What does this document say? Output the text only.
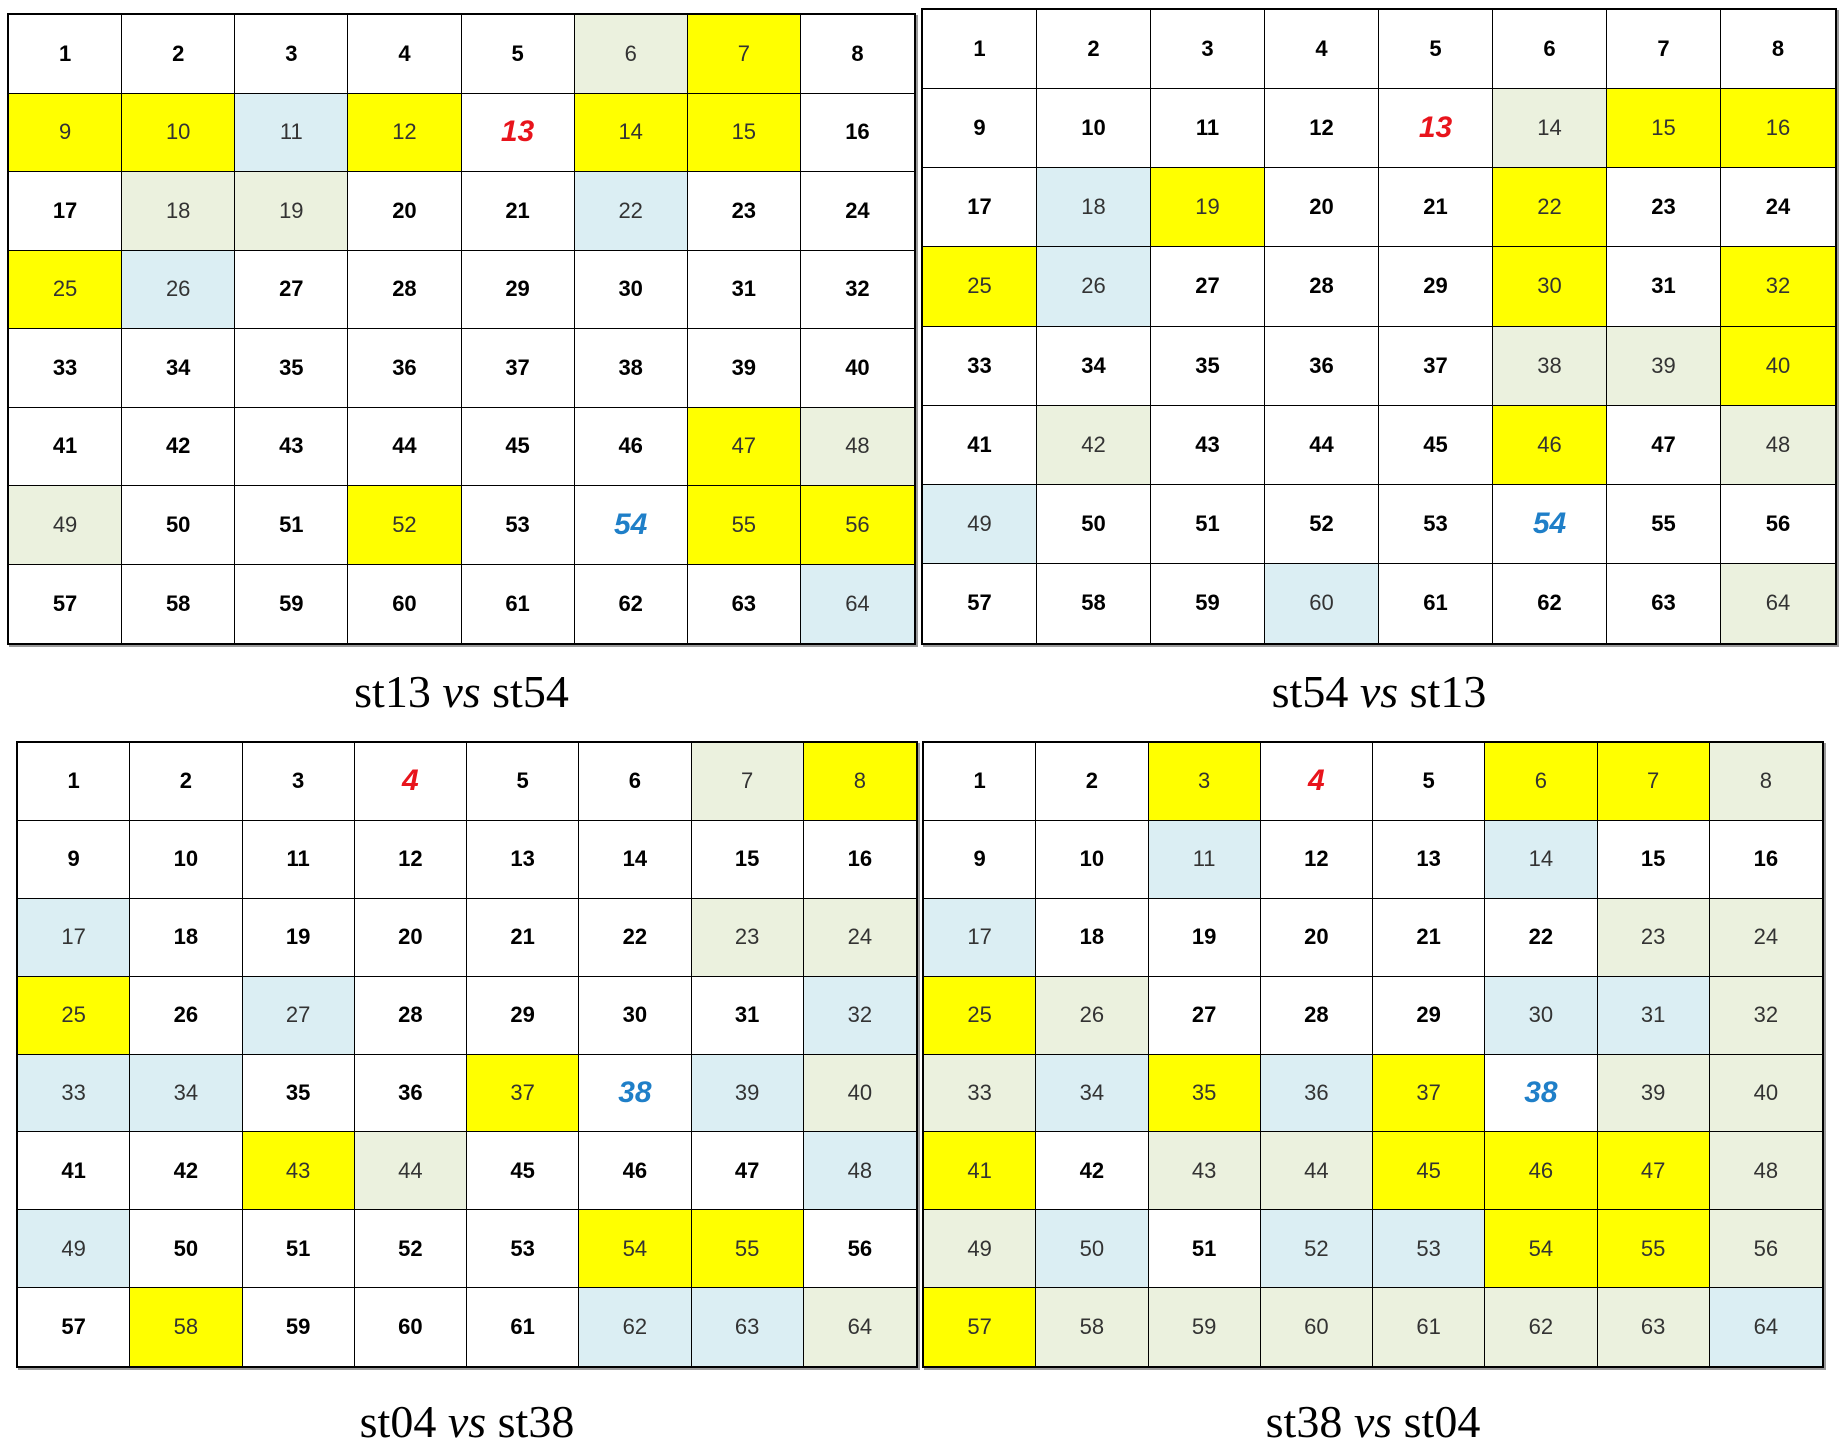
1	2	3	4	5	6	7	8
9	10	11	12	13	14	15	16
17	18	19	20	21	22	23	24
25	26	27	28	29	30	31	32
33	34	35	36	37	38	39	40
41	42	43	44	45	46	47	48
49	50	51	52	53	54	55	56
57	58	59	60	61	62	63	64
st13 vs st54
1	2	3	4	5	6	7	8
9	10	11	12	13	14	15	16
17	18	19	20	21	22	23	24
25	26	27	28	29	30	31	32
33	34	35	36	37	38	39	40
41	42	43	44	45	46	47	48
49	50	51	52	53	54	55	56
57	58	59	60	61	62	63	64
st54 vs st13
1	2	3	4	5	6	7	8
9	10	11	12	13	14	15	16
17	18	19	20	21	22	23	24
25	26	27	28	29	30	31	32
33	34	35	36	37	38	39	40
41	42	43	44	45	46	47	48
49	50	51	52	53	54	55	56
57	58	59	60	61	62	63	64
st04 vs st38
1	2	3	4	5	6	7	8
9	10	11	12	13	14	15	16
17	18	19	20	21	22	23	24
25	26	27	28	29	30	31	32
33	34	35	36	37	38	39	40
41	42	43	44	45	46	47	48
49	50	51	52	53	54	55	56
57	58	59	60	61	62	63	64
st38 vs st04
